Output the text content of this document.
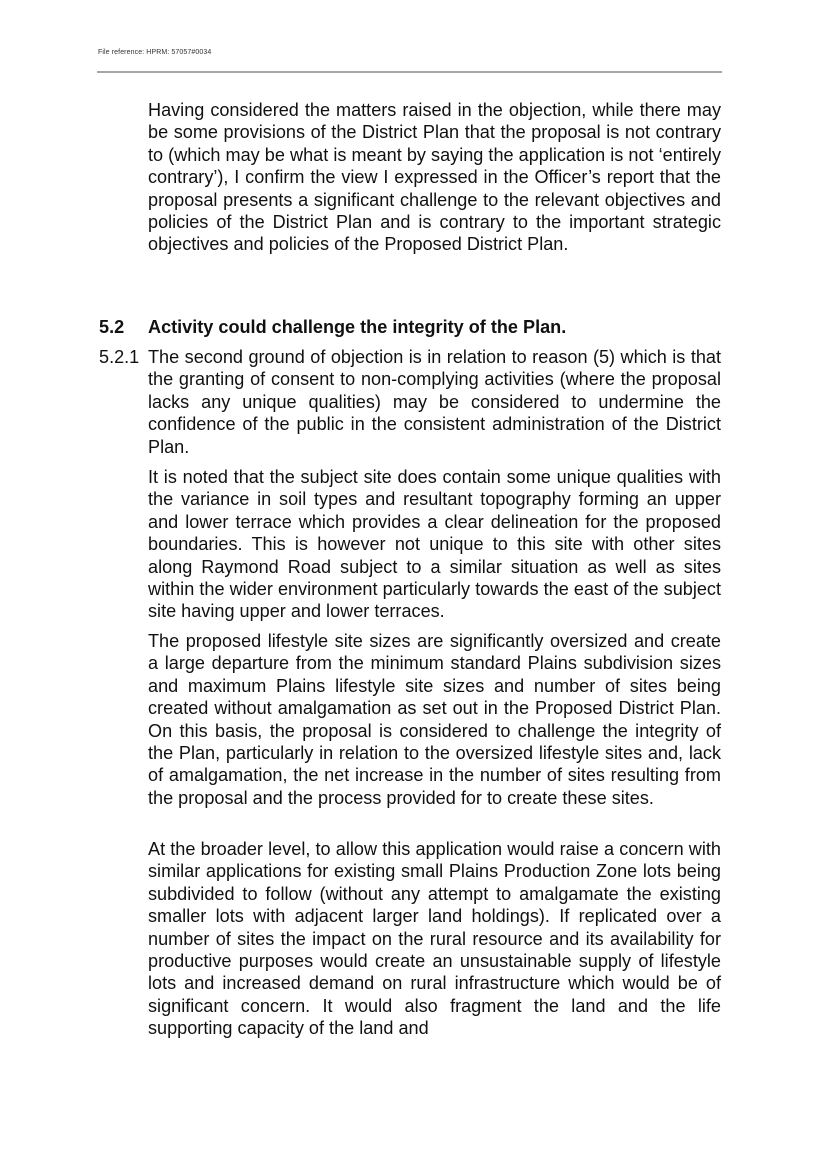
File reference: HPRM: 57057#0034

Having considered the matters raised in the objection, while there may be some provisions of the District Plan that the proposal is not contrary to (which may be what is meant by saying the application is not ‘entirely contrary’), I confirm the view I expressed in the Officer’s report that the proposal presents a significant challenge to the relevant objectives and policies of the District Plan and is contrary to the important strategic objectives and policies of the Proposed District Plan.

5.2 Activity could challenge the integrity of the Plan.
5.2.1 The second ground of objection is in relation to reason (5) which is that the granting of consent to non-complying activities (where the proposal lacks any unique qualities) may be considered to undermine the confidence of the public in the consistent administration of the District Plan.

It is noted that the subject site does contain some unique qualities with the variance in soil types and resultant topography forming an upper and lower terrace which provides a clear delineation for the proposed boundaries. This is however not unique to this site with other sites along Raymond Road subject to a similar situation as well as sites within the wider environment particularly towards the east of the subject site having upper and lower terraces.

The proposed lifestyle site sizes are significantly oversized and create a large departure from the minimum standard Plains subdivision sizes and maximum Plains lifestyle site sizes and number of sites being created without amalgamation as set out in the Proposed District Plan. On this basis, the proposal is considered to challenge the integrity of the Plan, particularly in relation to the oversized lifestyle sites and, lack of amalgamation, the net increase in the number of sites resulting from the proposal and the process provided for to create these sites.

At the broader level, to allow this application would raise a concern with similar applications for existing small Plains Production Zone lots being subdivided to follow (without any attempt to amalgamate the existing smaller lots with adjacent larger land holdings). If replicated over a number of sites the impact on the rural resource and its availability for productive purposes would create an unsustainable supply of lifestyle lots and increased demand on rural infrastructure which would be of significant concern. It would also fragment the land and the life supporting capacity of the land and
